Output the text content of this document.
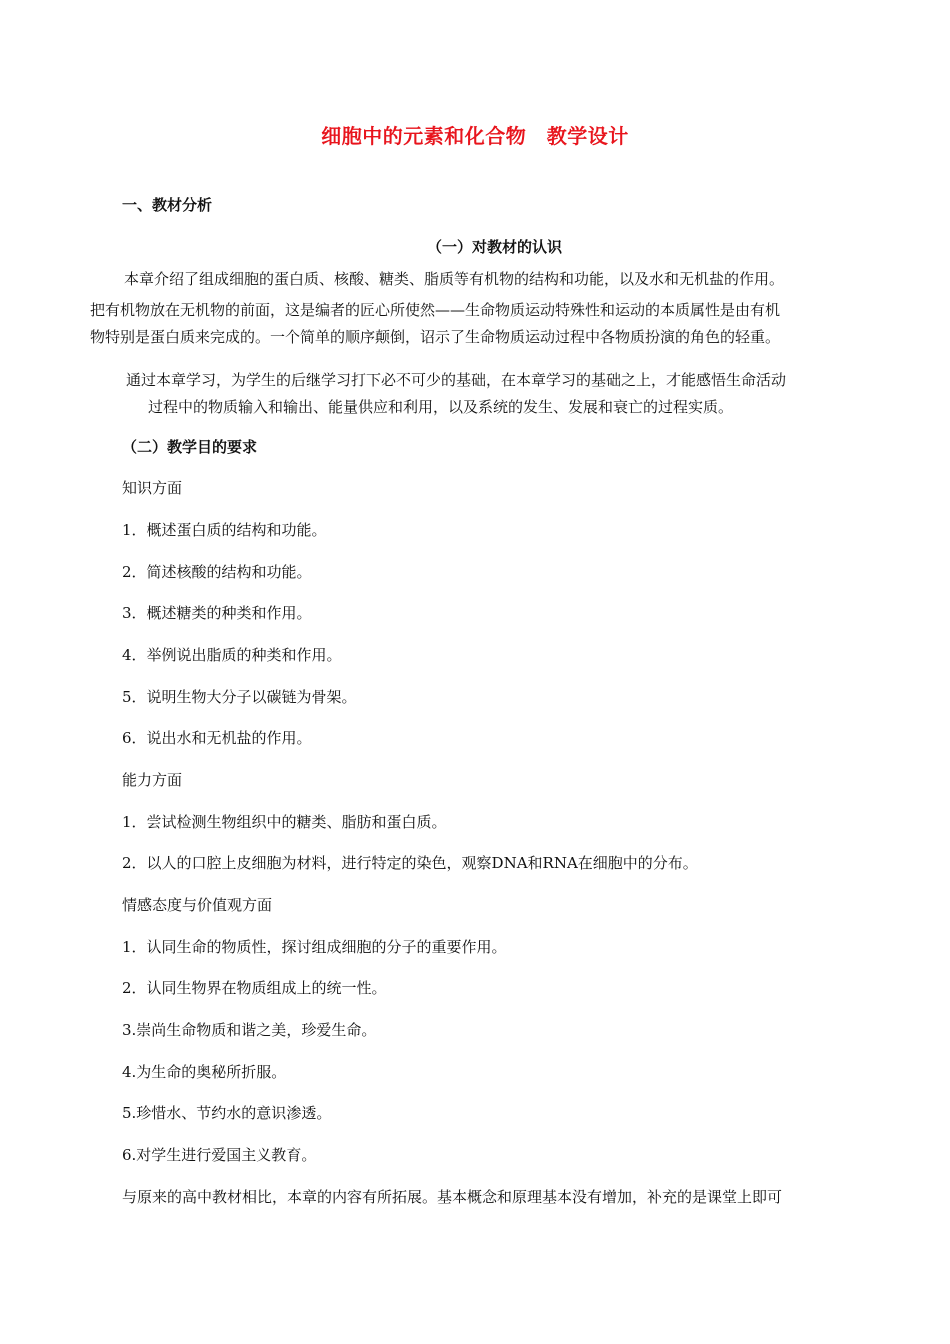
细胞中的元素和化合物　教学设计
一、教材分析
（一）对教材的认识
本章介绍了组成细胞的蛋白质、核酸、糖类、脂质等有机物的结构和功能，以及水和无机盐的作用。
把有机物放在无机物的前面，这是编者的匠心所使然——生命物质运动特殊性和运动的本质属性是由有机
物特别是蛋白质来完成的。一个简单的顺序颠倒，诏示了生命物质运动过程中各物质扮演的角色的轻重。
通过本章学习，为学生的后继学习打下必不可少的基础，在本章学习的基础之上，才能感悟生命活动
过程中的物质输入和输出、能量供应和利用，以及系统的发生、发展和衰亡的过程实质。
（二）教学目的要求
知识方面
1．概述蛋白质的结构和功能。
2．简述核酸的结构和功能。
3．概述糖类的种类和作用。
4．举例说出脂质的种类和作用。
5．说明生物大分子以碳链为骨架。
6．说出水和无机盐的作用。
能力方面
1．尝试检测生物组织中的糖类、脂肪和蛋白质。
2．以人的口腔上皮细胞为材料，进行特定的染色，观察DNA和RNA在细胞中的分布。
情感态度与价值观方面
1．认同生命的物质性，探讨组成细胞的分子的重要作用。
2．认同生物界在物质组成上的统一性。
3.崇尚生命物质和谐之美，珍爱生命。
4.为生命的奥秘所折服。
5.珍惜水、节约水的意识渗透。
6.对学生进行爱国主义教育。
与原来的高中教材相比，本章的内容有所拓展。基本概念和原理基本没有增加，补充的是课堂上即可
